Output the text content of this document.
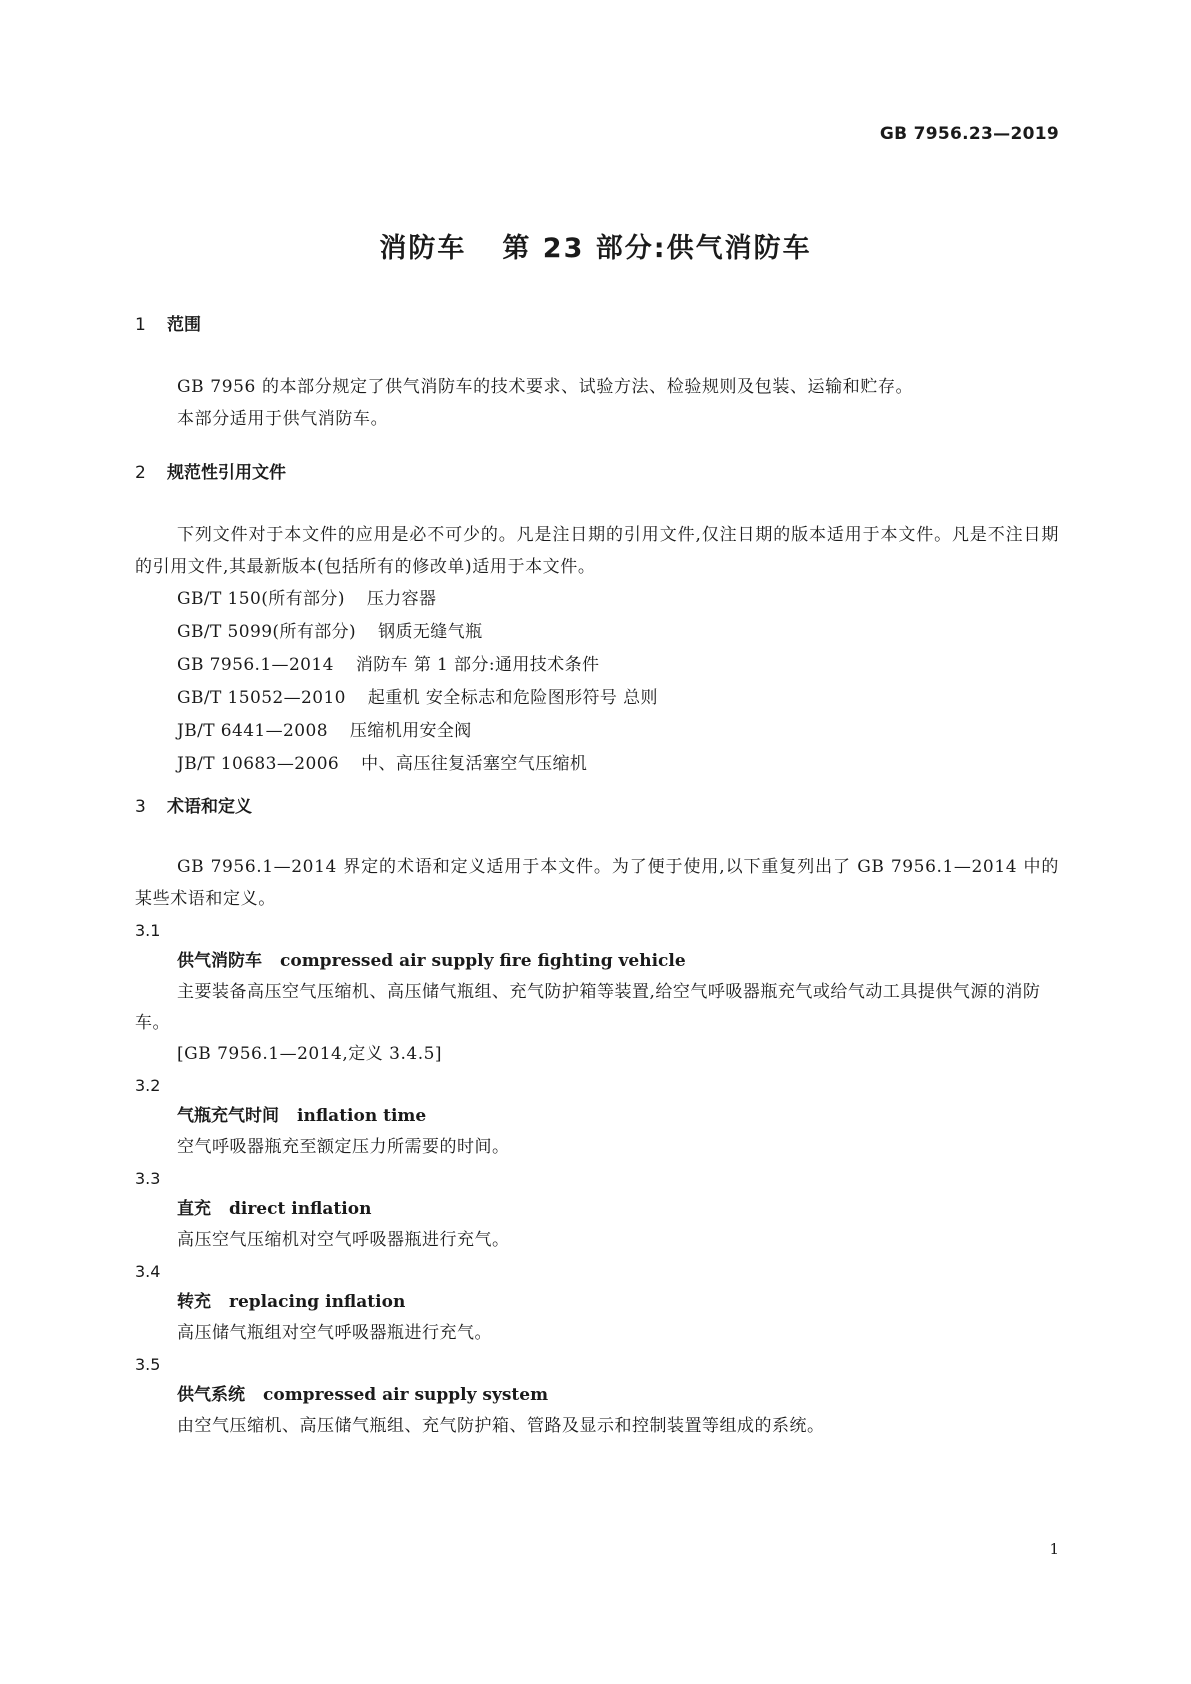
GB 7956.23—2019
消防车 第 23 部分:供气消防车
1 范围

GB 7956 的本部分规定了供气消防车的技术要求、试验方法、检验规则及包装、运输和贮存。

本部分适用于供气消防车。

2 规范性引用文件

下列文件对于本文件的应用是必不可少的。凡是注日期的引用文件,仅注日期的版本适用于本文件。凡是不注日期的引用文件,其最新版本(包括所有的修改单)适用于本文件。

GB/T 150(所有部分) 压力容器

GB/T 5099(所有部分) 钢质无缝气瓶

GB 7956.1—2014 消防车 第 1 部分:通用技术条件

GB/T 15052—2010 起重机 安全标志和危险图形符号 总则

JB/T 6441—2008 压缩机用安全阀

JB/T 10683—2006 中、高压往复活塞空气压缩机

3 术语和定义

GB 7956.1—2014 界定的术语和定义适用于本文件。为了便于使用,以下重复列出了 GB 7956.1—2014 中的某些术语和定义。

3.1

供气消防车 compressed air supply fire fighting vehicle

主要装备高压空气压缩机、高压储气瓶组、充气防护箱等装置,给空气呼吸器瓶充气或给气动工具提供气源的消防车。

[GB 7956.1—2014,定义 3.4.5]

3.2

气瓶充气时间 inflation time

空气呼吸器瓶充至额定压力所需要的时间。

3.3

直充 direct inflation

高压空气压缩机对空气呼吸器瓶进行充气。

3.4

转充 replacing inflation

高压储气瓶组对空气呼吸器瓶进行充气。

3.5

供气系统 compressed air supply system

由空气压缩机、高压储气瓶组、充气防护箱、管路及显示和控制装置等组成的系统。

1
